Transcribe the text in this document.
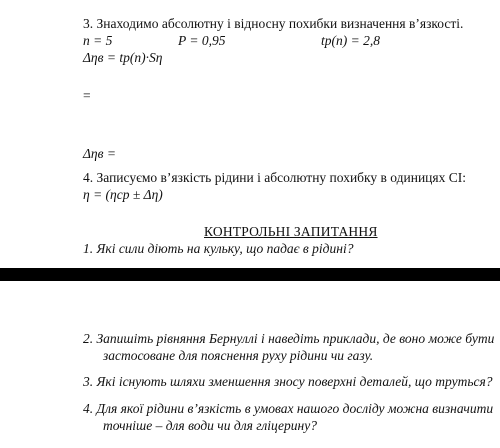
3. Знаходимо абсолютну і відносну похибки визначення в’язкості.
n = 5	P = 0,95	tp(n) = 2,8
Δηв = tp(n)·Sη
=
Δηв =
4. Записуємо в’язкість рідини і абсолютну похибку в одиницях СІ:
η = (ηср ± Δη)
КОНТРОЛЬНІ ЗАПИТАННЯ
1. Які сили діють на кульку, що падає в рідині?
2. Запишіть рівняння Бернуллі і наведіть приклади, де воно може бути
застосоване для пояснення руху рідини чи газу.
3. Які існують шляхи зменшення зносу поверхні деталей, що труться?
4. Для якої рідини в’язкість в умовах нашого досліду можна визначити
точніше – для води чи для гліцерину?
